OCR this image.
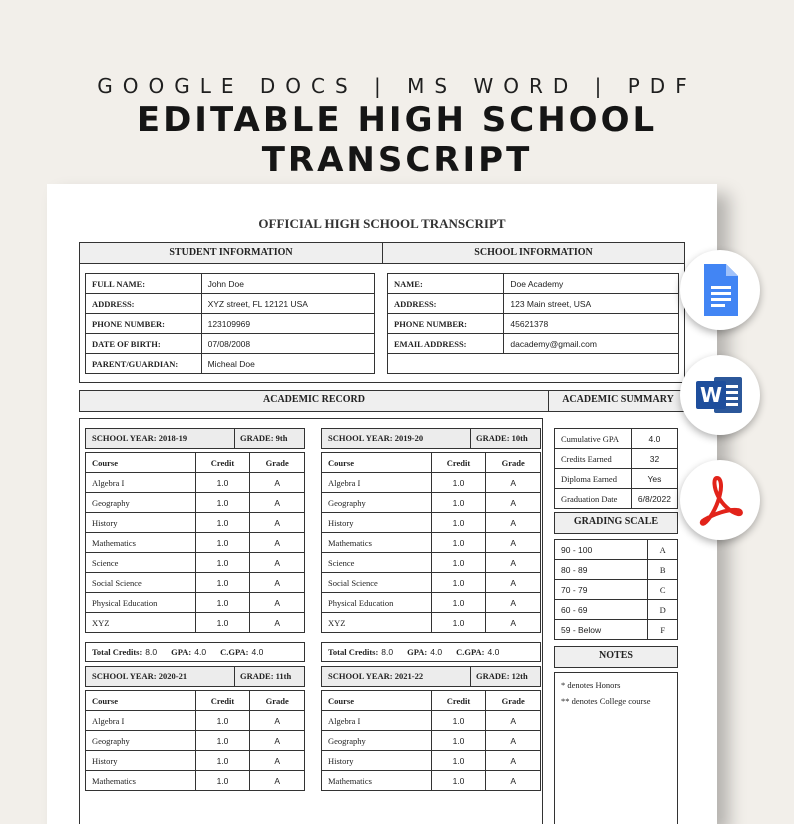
GOOGLE DOCS | MS WORD | PDF
EDITABLE HIGH SCHOOL TRANSCRIPT
OFFICIAL HIGH SCHOOL TRANSCRIPT
STUDENT INFORMATION	SCHOOL INFORMATION
FULL NAME:	John Doe
ADDRESS:	XYZ street, FL 12121 USA
PHONE NUMBER:	123109969
DATE OF BIRTH:	07/08/2008
PARENT/GUARDIAN:	Micheal Doe
NAME:	Doe Academy
ADDRESS:	123 Main street, USA
PHONE NUMBER:	45621378
EMAIL ADDRESS:	dacademy@gmail.com

ACADEMIC RECORD	ACADEMIC SUMMARY
SCHOOL YEAR: 2018-19	GRADE: 9th
Course	Credit	Grade
Algebra I	1.0	A
Geography	1.0	A
History	1.0	A
Mathematics	1.0	A
Science	1.0	A
Social Science	1.0	A
Physical Education	1.0	A
XYZ	1.0	A
Total Credits: 8.0 GPA: 4.0 C.GPA: 4.0
SCHOOL YEAR: 2019-20	GRADE: 10th
Course	Credit	Grade
Algebra I	1.0	A
Geography	1.0	A
History	1.0	A
Mathematics	1.0	A
Science	1.0	A
Social Science	1.0	A
Physical Education	1.0	A
XYZ	1.0	A
Total Credits: 8.0 GPA: 4.0 C.GPA: 4.0
SCHOOL YEAR: 2020-21	GRADE: 11th
Course	Credit	Grade
Algebra I	1.0	A
Geography	1.0	A
History	1.0	A
Mathematics	1.0	A
SCHOOL YEAR: 2021-22	GRADE: 12th
Course	Credit	Grade
Algebra I	1.0	A
Geography	1.0	A
History	1.0	A
Mathematics	1.0	A
Cumulative GPA	4.0
Credits Earned	32
Diploma Earned	Yes
Graduation Date	6/8/2022
GRADING SCALE
90 - 100	A
80 - 89	B
70 - 79	C
60 - 69	D
59 - Below	F
NOTES
* denotes Honors
** denotes College course
W
